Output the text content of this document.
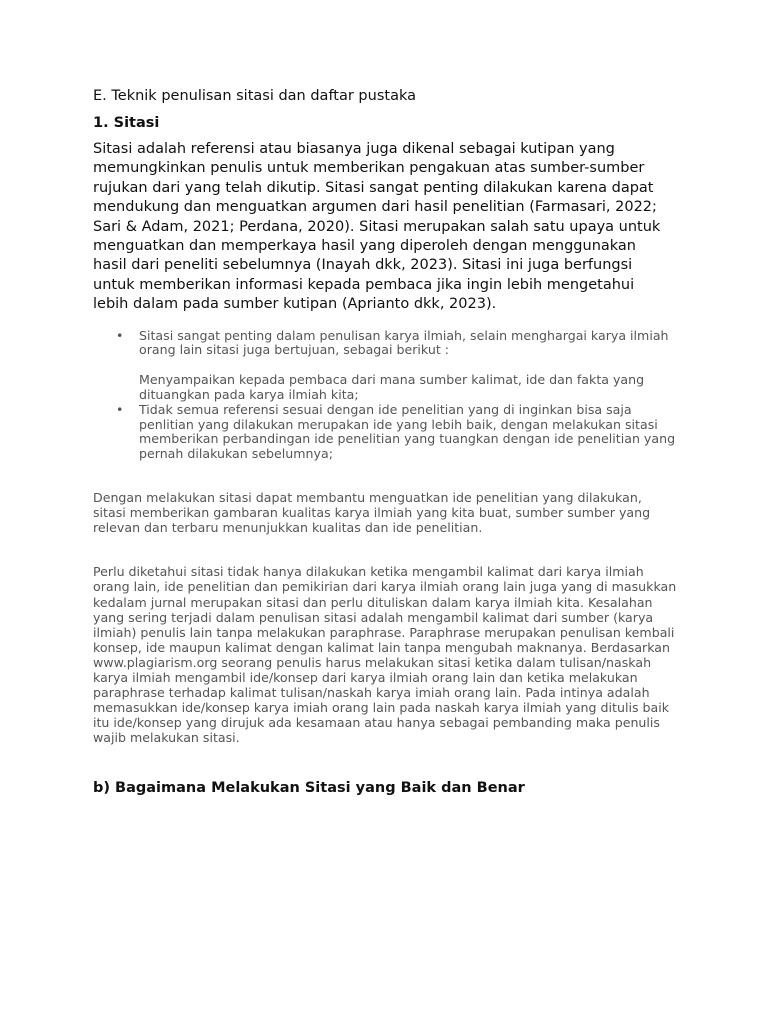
E. Teknik penulisan sitasi dan daftar pustaka
1. Sitasi

Sitasi adalah referensi atau biasanya juga dikenal sebagai kutipan yang memungkinkan penulis untuk memberikan pengakuan atas sumber-sumber rujukan dari yang telah dikutip. Sitasi sangat penting dilakukan karena dapat mendukung dan menguatkan argumen dari hasil penelitian (Farmasari, 2022; Sari & Adam, 2021; Perdana, 2020). Sitasi merupakan salah satu upaya untuk menguatkan dan memperkaya hasil yang diperoleh dengan menggunakan hasil dari peneliti sebelumnya (Inayah dkk, 2023). Sitasi ini juga berfungsi untuk memberikan informasi kepada pembaca jika ingin lebih mengetahui lebih dalam pada sumber kutipan (Aprianto dkk, 2023).

• Sitasi sangat penting dalam penulisan karya ilmiah, selain menghargai karya ilmiah orang lain sitasi juga bertujuan, sebagai berikut :
Menyampaikan kepada pembaca dari mana sumber kalimat, ide dan fakta yang dituangkan pada karya ilmiah kita;
• Tidak semua referensi sesuai dengan ide penelitian yang di inginkan bisa saja penlitian yang dilakukan merupakan ide yang lebih baik, dengan melakukan sitasi memberikan perbandingan ide penelitian yang tuangkan dengan ide penelitian yang pernah dilakukan sebelumnya;

Dengan melakukan sitasi dapat membantu menguatkan ide penelitian yang dilakukan, sitasi memberikan gambaran kualitas karya ilmiah yang kita buat, sumber sumber yang relevan dan terbaru menunjukkan kualitas dan ide penelitian.

Perlu diketahui sitasi tidak hanya dilakukan ketika mengambil kalimat dari karya ilmiah orang lain, ide penelitian dan pemikirian dari karya ilmiah orang lain juga yang di masukkan kedalam jurnal merupakan sitasi dan perlu dituliskan dalam karya ilmiah kita. Kesalahan yang sering terjadi dalam penulisan sitasi adalah mengambil kalimat dari sumber (karya ilmiah) penulis lain tanpa melakukan paraphrase. Paraphrase merupakan penulisan kembali konsep, ide maupun kalimat dengan kalimat lain tanpa mengubah maknanya. Berdasarkan www.plagiarism.org seorang penulis harus melakukan sitasi ketika dalam tulisan/naskah karya ilmiah mengambil ide/konsep dari karya ilmiah orang lain dan ketika melakukan paraphrase terhadap kalimat tulisan/naskah karya imiah orang lain. Pada intinya adalah memasukkan ide/konsep karya imiah orang lain pada naskah karya ilmiah yang ditulis baik itu ide/konsep yang dirujuk ada kesamaan atau hanya sebagai pembanding maka penulis wajib melakukan sitasi.

b) Bagaimana Melakukan Sitasi yang Baik dan Benar
